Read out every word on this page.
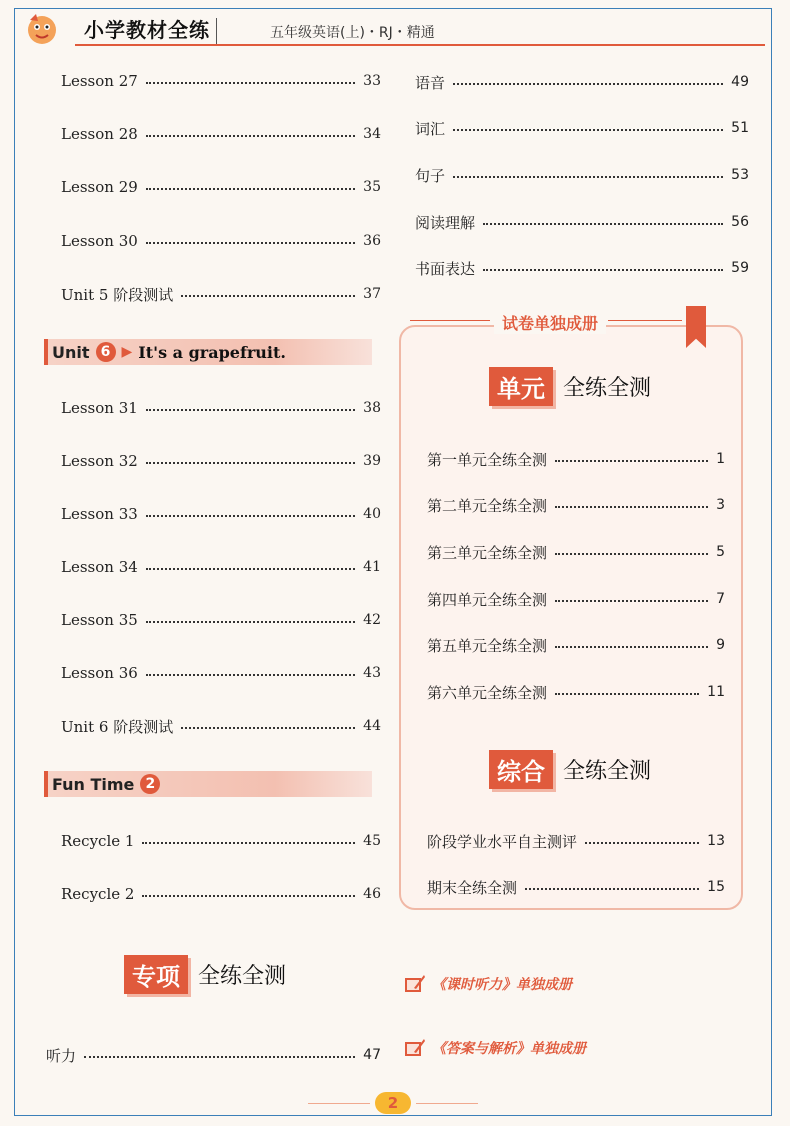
小学教材全练	五年级英语(上)・RJ・精通
Lesson 27	33
Lesson 28	34
Lesson 29	35
Lesson 30	36
Unit 5 阶段测试	37
Unit 6 ▶ It's a grapefruit.
Lesson 31	38
Lesson 32	39
Lesson 33	40
Lesson 34	41
Lesson 35	42
Lesson 36	43
Unit 6 阶段测试	44
Fun Time 2
Recycle 1	45
Recycle 2	46
专项 全练全测
听力	47
语音	49
词汇	51
句子	53
阅读理解	56
书面表达	59
试卷单独成册
单元 全练全测
第一单元全练全测	1
第二单元全练全测	3
第三单元全练全测	5
第四单元全练全测	7
第五单元全练全测	9
第六单元全练全测	11
综合 全练全测
阶段学业水平自主测评	13
期末全练全测	15
《课时听力》单独成册
《答案与解析》单独成册
2
